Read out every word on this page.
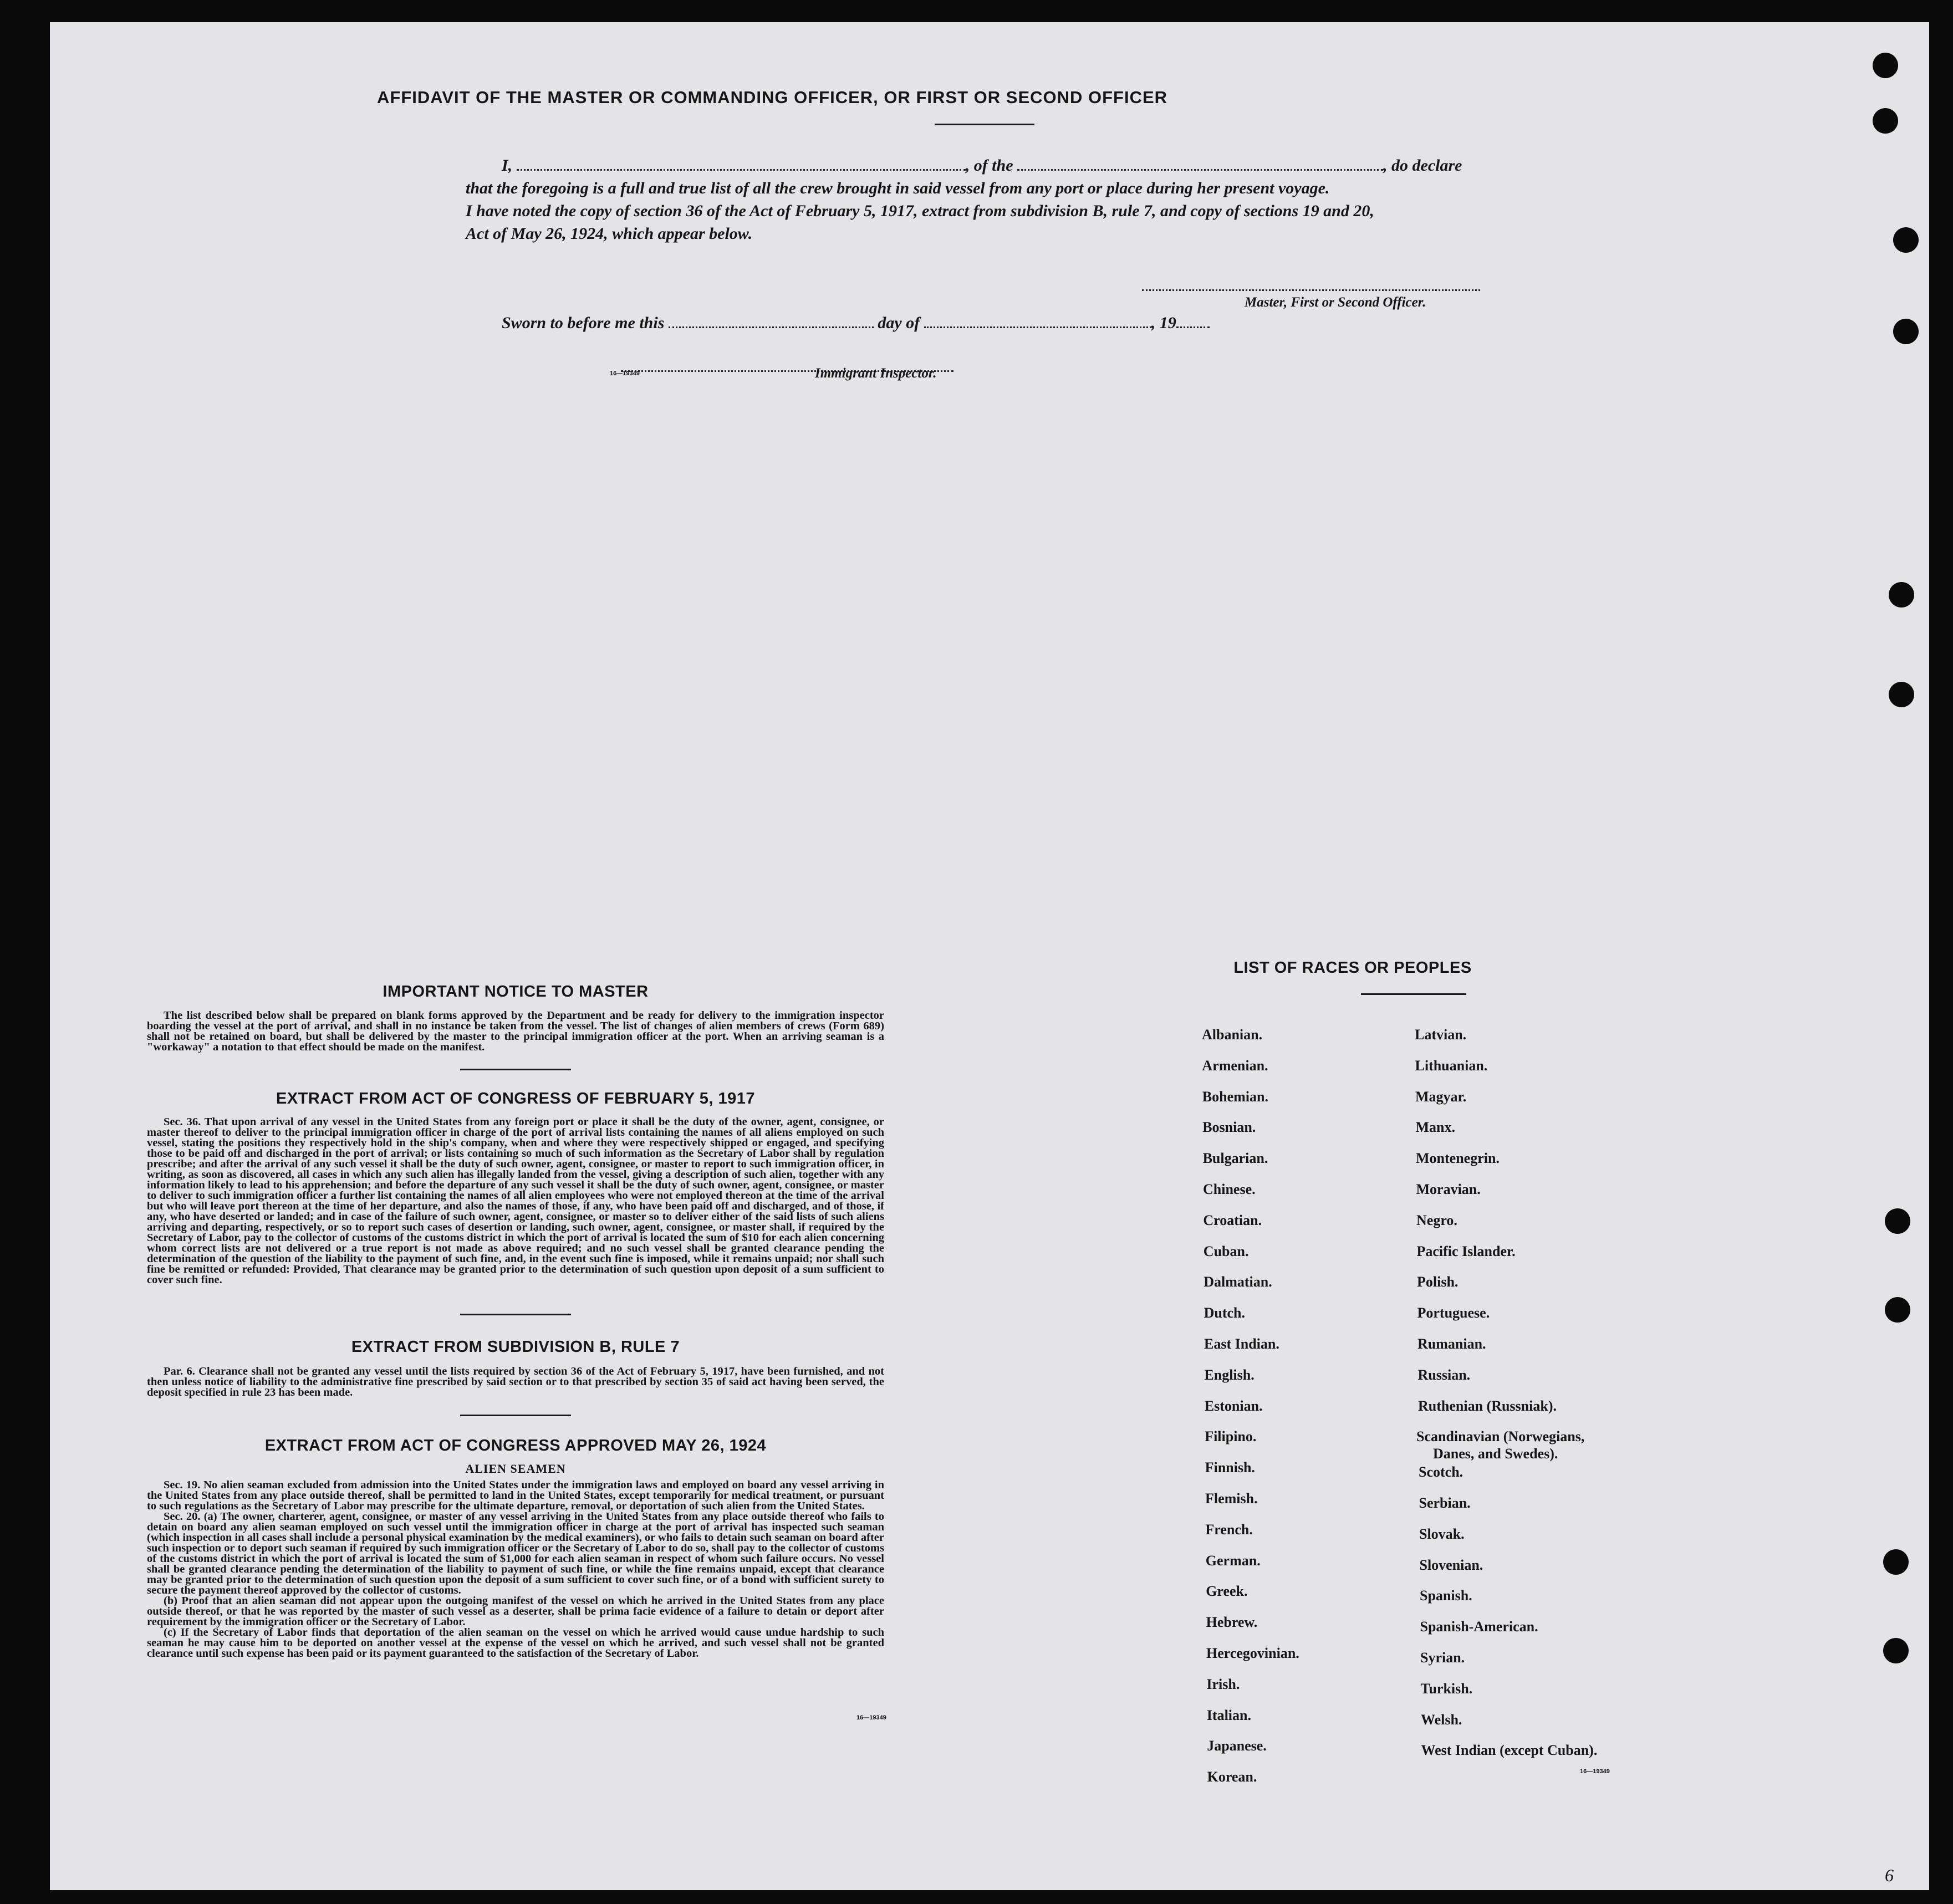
AFFIDAVIT OF THE MASTER OR COMMANDING OFFICER, OR FIRST OR SECOND OFFICER
I,	, of the	, do declare
that the foregoing is a full and true list of all the crew brought in said vessel from any port or place during her present voyage.
I have noted the copy of section 36 of the Act of February 5, 1917, extract from subdivision B, rule 7, and copy of sections 19 and 20,
Act of May 26, 1924, which appear below.
Master, First or Second Officer.
Sworn to before me this	day of	, 19
16—19349	Immigrant Inspector.
IMPORTANT NOTICE TO MASTER

The list described below shall be prepared on blank forms approved by the Department and be ready for delivery to the immigration inspector boarding the vessel at the port of arrival, and shall in no instance be taken from the vessel. The list of changes of alien members of crews (Form 689) shall not be retained on board, but shall be delivered by the master to the principal immigration officer at the port. When an arriving seaman is a "workaway" a notation to that effect should be made on the manifest.

EXTRACT FROM ACT OF CONGRESS OF FEBRUARY 5, 1917

Sec. 36. That upon arrival of any vessel in the United States from any foreign port or place it shall be the duty of the owner, agent, consignee, or master thereof to deliver to the principal immigration officer in charge of the port of arrival lists containing the names of all aliens employed on such vessel, stating the positions they respectively hold in the ship's company, when and where they were respectively shipped or engaged, and specifying those to be paid off and discharged in the port of arrival; or lists containing so much of such information as the Secretary of Labor shall by regulation prescribe; and after the arrival of any such vessel it shall be the duty of such owner, agent, consignee, or master to report to such immigration officer, in writing, as soon as discovered, all cases in which any such alien has illegally landed from the vessel, giving a description of such alien, together with any information likely to lead to his apprehension; and before the departure of any such vessel it shall be the duty of such owner, agent, consignee, or master to deliver to such immigration officer a further list containing the names of all alien employees who were not employed thereon at the time of the arrival but who will leave port thereon at the time of her departure, and also the names of those, if any, who have been paid off and discharged, and of those, if any, who have deserted or landed; and in case of the failure of such owner, agent, consignee, or master so to deliver either of the said lists of such aliens arriving and departing, respectively, or so to report such cases of desertion or landing, such owner, agent, consignee, or master shall, if required by the Secretary of Labor, pay to the collector of customs of the customs district in which the port of arrival is located the sum of $10 for each alien concerning whom correct lists are not delivered or a true report is not made as above required; and no such vessel shall be granted clearance pending the determination of the question of the liability to the payment of such fine, and, in the event such fine is imposed, while it remains unpaid; nor shall such fine be remitted or refunded: Provided, That clearance may be granted prior to the determination of such question upon deposit of a sum sufficient to cover such fine.

EXTRACT FROM SUBDIVISION B, RULE 7

Par. 6. Clearance shall not be granted any vessel until the lists required by section 36 of the Act of February 5, 1917, have been furnished, and not then unless notice of liability to the administrative fine prescribed by said section or to that prescribed by section 35 of said act having been served, the deposit specified in rule 23 has been made.

EXTRACT FROM ACT OF CONGRESS APPROVED MAY 26, 1924
ALIEN SEAMEN

Sec. 19. No alien seaman excluded from admission into the United States under the immigration laws and employed on board any vessel arriving in the United States from any place outside thereof, shall be permitted to land in the United States, except temporarily for medical treatment, or pursuant to such regulations as the Secretary of Labor may prescribe for the ultimate departure, removal, or deportation of such alien from the United States.

Sec. 20. (a) The owner, charterer, agent, consignee, or master of any vessel arriving in the United States from any place outside thereof who fails to detain on board any alien seaman employed on such vessel until the immigration officer in charge at the port of arrival has inspected such seaman (which inspection in all cases shall include a personal physical examination by the medical examiners), or who fails to detain such seaman on board after such inspection or to deport such seaman if required by such immigration officer or the Secretary of Labor to do so, shall pay to the collector of customs of the customs district in which the port of arrival is located the sum of $1,000 for each alien seaman in respect of whom such failure occurs. No vessel shall be granted clearance pending the determination of the liability to payment of such fine, or while the fine remains unpaid, except that clearance may be granted prior to the determination of such question upon the deposit of a sum sufficient to cover such fine, or of a bond with sufficient surety to secure the payment thereof approved by the collector of customs.

(b) Proof that an alien seaman did not appear upon the outgoing manifest of the vessel on which he arrived in the United States from any place outside thereof, or that he was reported by the master of such vessel as a deserter, shall be prima facie evidence of a failure to detain or deport after requirement by the immigration officer or the Secretary of Labor.

(c) If the Secretary of Labor finds that deportation of the alien seaman on the vessel on which he arrived would cause undue hardship to such seaman he may cause him to be deported on another vessel at the expense of the vessel on which he arrived, and such vessel shall not be granted clearance until such expense has been paid or its payment guaranteed to the satisfaction of the Secretary of Labor.

16—19349
LIST OF RACES OR PEOPLES
Albanian.
Armenian.
Bohemian.
Bosnian.
Bulgarian.
Chinese.
Croatian.
Cuban.
Dalmatian.
Dutch.
East Indian.
English.
Estonian.
Filipino.
Finnish.
Flemish.
French.
German.
Greek.
Hebrew.
Hercegovinian.
Irish.
Italian.
Japanese.
Korean.
Latvian.
Lithuanian.
Magyar.
Manx.
Montenegrin.
Moravian.
Negro.
Pacific Islander.
Polish.
Portuguese.
Rumanian.
Russian.
Ruthenian (Russniak).
Scandinavian (Norwegians,
Danes, and Swedes).
Scotch.
Serbian.
Slovak.
Slovenian.
Spanish.
Spanish-American.
Syrian.
Turkish.
Welsh.
West Indian (except Cuban).
16—19349
6
